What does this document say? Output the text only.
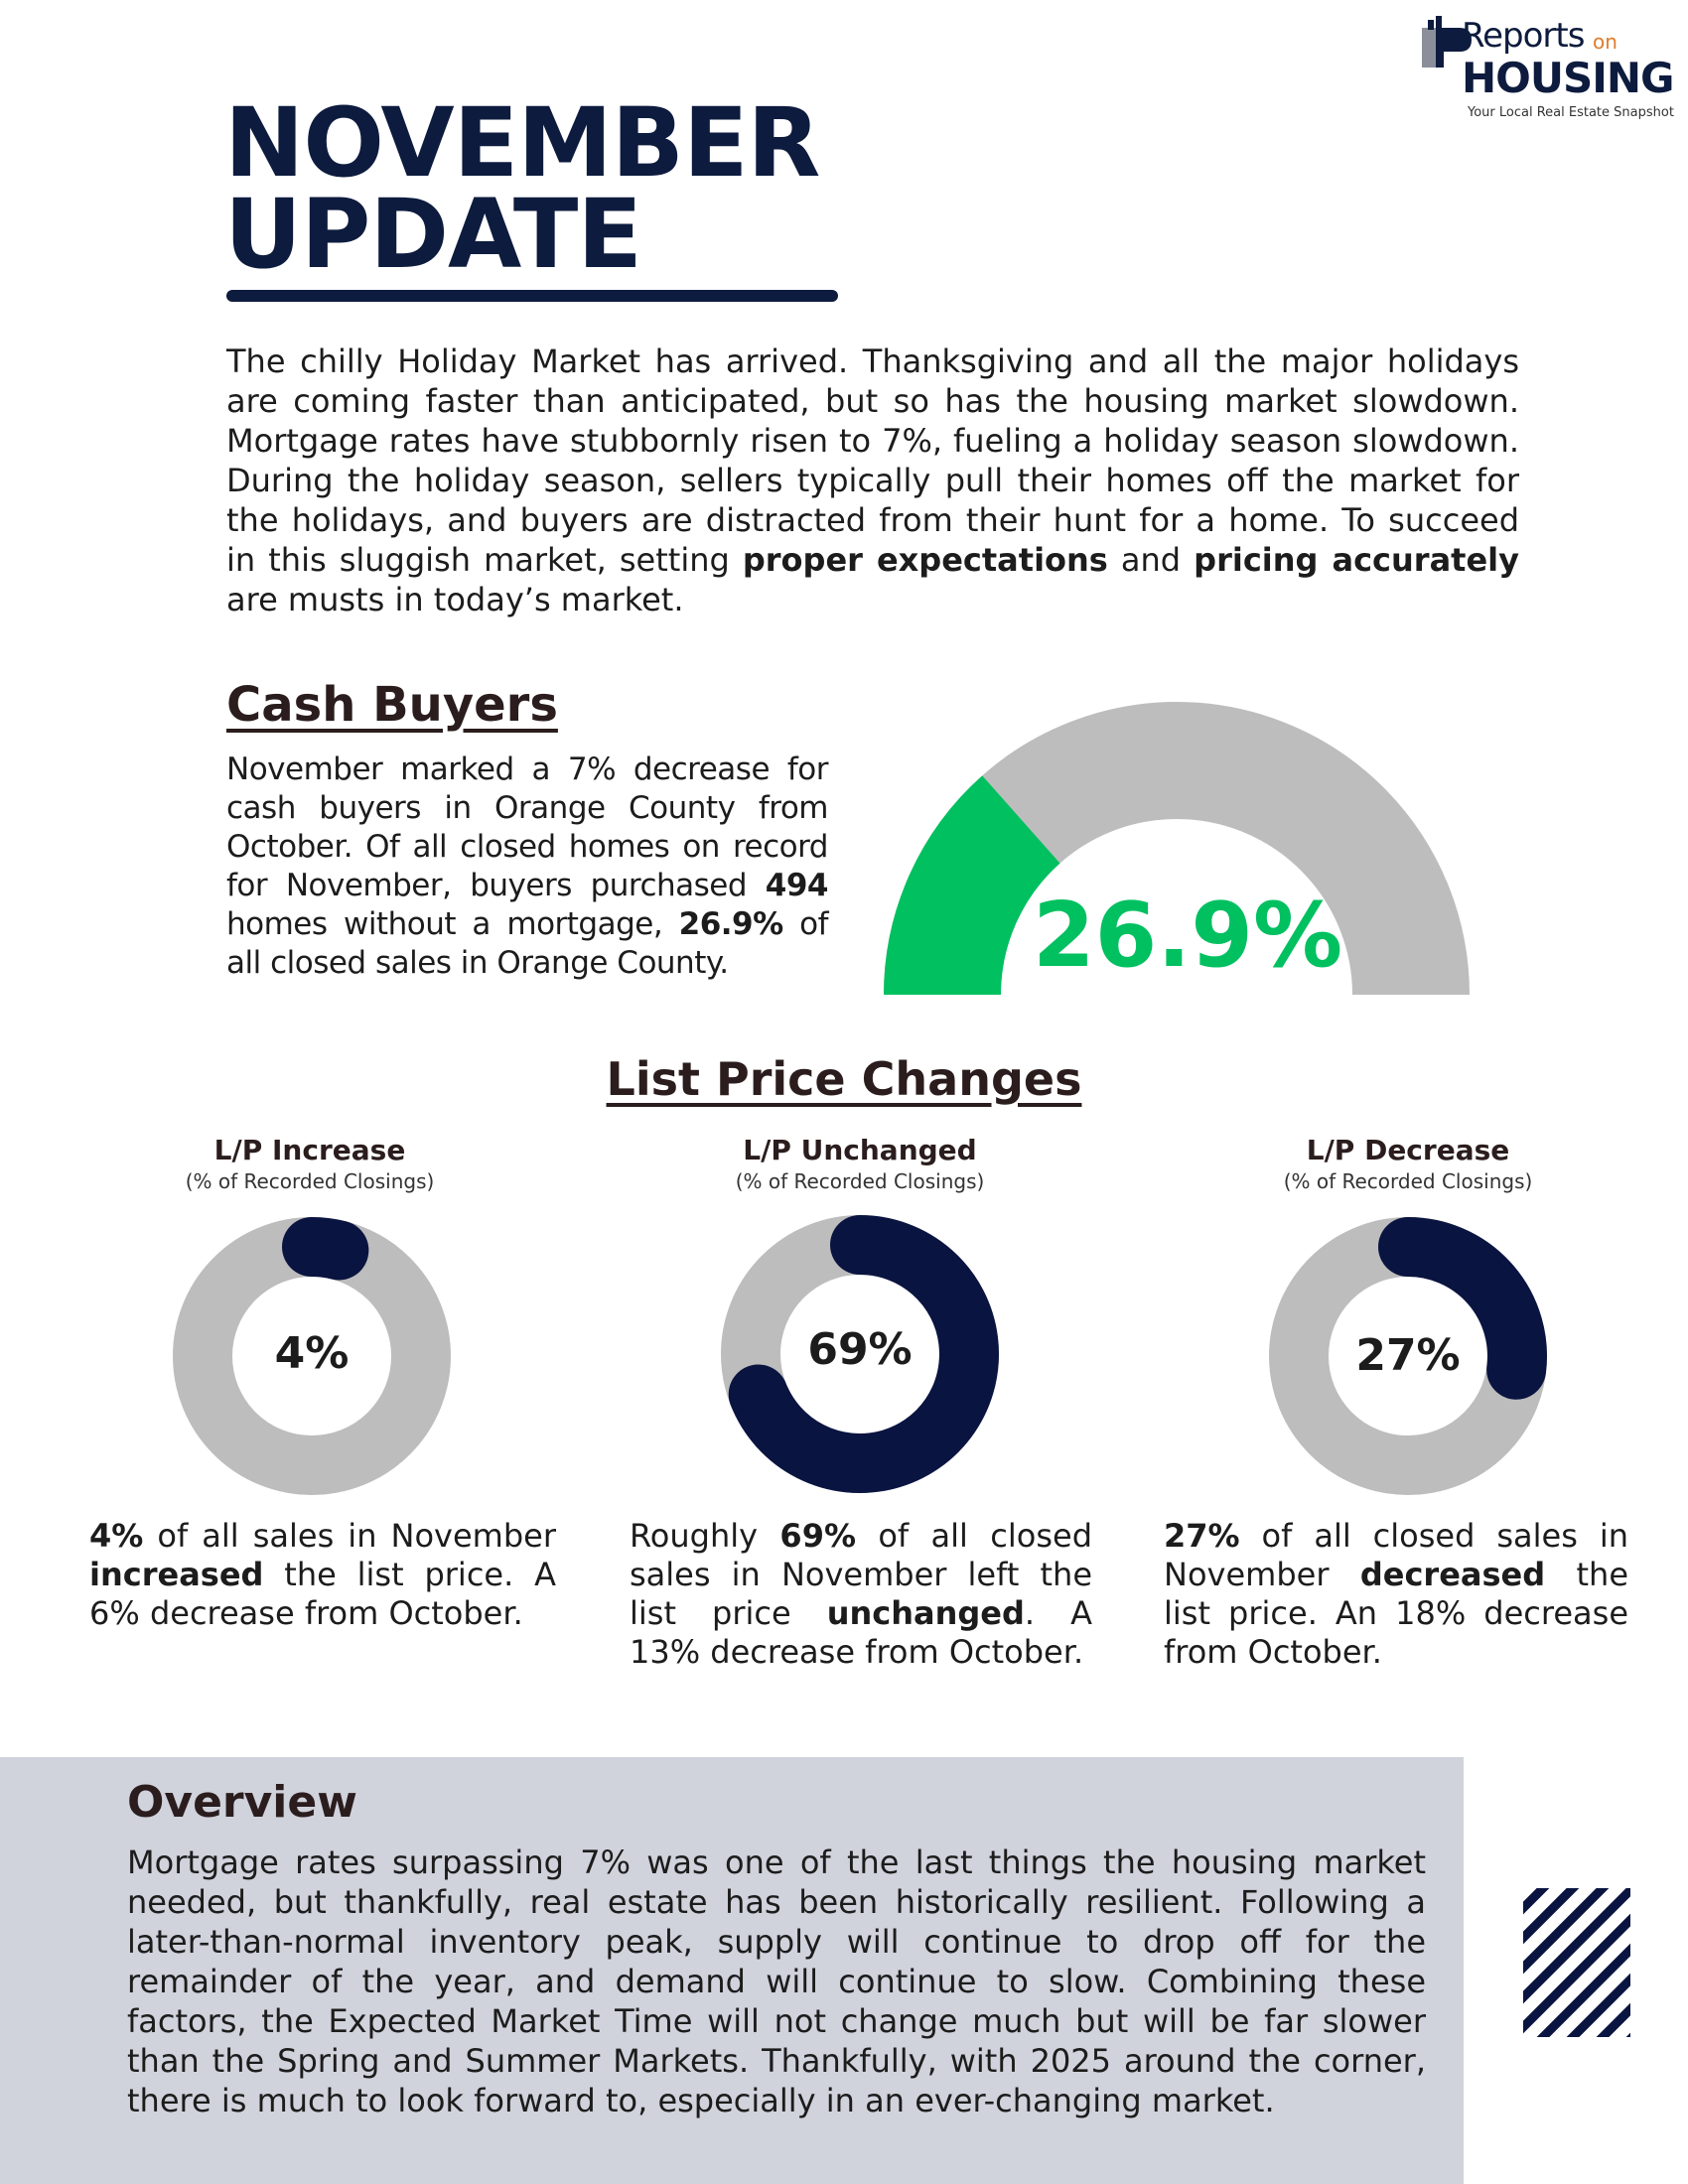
Reports on
HOUSING
Your Local Real Estate Snapshot
NOVEMBER
UPDATE

The chilly Holiday Market has arrived. Thanksgiving and all the major holidays are coming faster than anticipated, but so has the housing market slowdown. Mortgage rates have stubbornly risen to 7%, fueling a holiday season slowdown. During the holiday season, sellers typically pull their homes off the market for the holidays, and buyers are distracted from their hunt for a home. To succeed in this sluggish market, setting proper expectations and pricing accurately are musts in today’s market.

Cash Buyers

November marked a 7% decrease for cash buyers in Orange County from October. Of all closed homes on record for November, buyers purchased 494 homes without a mortgage, 26.9% of all closed sales in Orange County.	26.9%
List Price Changes
L/P Increase
(% of Recorded Closings)
4%

4% of all sales in November increased the list price. A 6% decrease from October.

L/P Unchanged
(% of Recorded Closings)
69%

Roughly 69% of all closed sales in November left the list price unchanged. A 13% decrease from October.

L/P Decrease
(% of Recorded Closings)
27%

27% of all closed sales in November decreased the list price. An 18% decrease from October.

Overview

Mortgage rates surpassing 7% was one of the last things the housing market needed, but thankfully, real estate has been historically resilient. Following a later-than-normal inventory peak, supply will continue to drop off for the remainder of the year, and demand will continue to slow. Combining these factors, the Expected Market Time will not change much but will be far slower than the Spring and Summer Markets. Thankfully, with 2025 around the corner, there is much to look forward to, especially in an ever-changing market.
